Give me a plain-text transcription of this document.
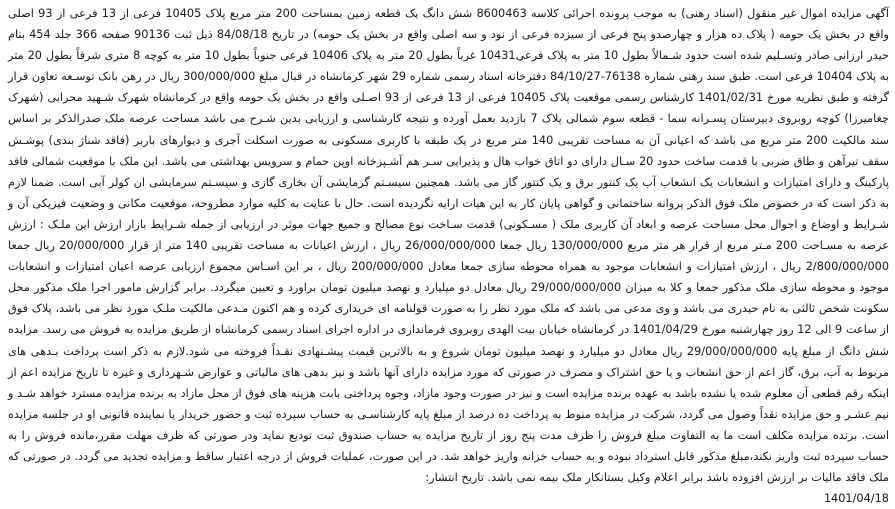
آگهی مزایده اموال غیر منقول (اسناد رهنی) به موجب پرونده اجرائی کلاسه 8600463 شش دانگ یک قطعه زمین بمساحت 200 متر مربع پلاک 10405 فرعی از 13 فرعی از 93 اصلی واقع در بخش یک حومه ( پلاک ده هزار و چهارصدو پنج فرعی از سیزده فرعی از نود و سه اصلی واقع در بخش یک حومه) در تاریخ 84/08/18 ذیل ثبت 90136 صفحه 366 جلد 454 بنام حیدر ارزانی صادر وتسـلیم شده است حدود شـمالاً بطول 10 متر به پلاک فرعی10431 غرباً بطول 20 متر به پلاک 10406 فرعی جنوباً بطول 10 متر به کوچه 8 متری شرقاً بطول 20 متر به پلاک 10404 فرعی است. طبق سند رهنی شماره 76138-84/10/27 دفترخانه اسناد رسمی شماره 29 شهر کرمانشاه در قبال مبلغ 300/000/000 ریال در رهن بانک توسـعه تعاون قرار گرفته و طبق نظریه مورخ 1401/02/31 کارشناس رسمی موقعیت پلاک 10405 فرعی از 13 فرعی از 93 اصـلی واقع در بخش یک حومه واقع در کرمانشاه شهرک شـهید محرابی (شهرک چغامیرزا) کوچه روبروی دبیرستان پسـرانه سما - قطعه سوم شمالی پلاک 7 بازدید بعمل آورده و نتیجه کارشناسی و ارزیابی بدین شـرح می باشد مساحت عرصه ملک صدرالذکر بر اساس سند مالکیت 200 متر مربع می باشد که اعیانی آن به مساحت تقریبی 140 متر مربع در یک طبقه با کاربری مسکونی به صورت اسکلت آجری و دیوارهای باربر (فاقد شناژ بندی) پوشـش سقف تیرآهن و طاق ضربی با قدمت ساخت حدود 20 سـال دارای دو اتاق خواب هال و پذیرایی سـر هم آشـپزخانه اوپن حمام و سرویس بهداشتی می باشد. این ملک با موقعیت شمالی فاقد پارکینگ و دارای امتیازات و انشعابات یک انشعاب آب یک کنتور برق و یک کنتور گاز می باشد. همچنین سیسـتم گرمایشی آن بخاری گازی و سیسـتم سرمایشی ان کولر آبی است. ضمنا لازم به ذکر است که در خصوص ملک فوق الذکر پروانه ساختمانی و گواهی پایان کار به این هیات ارایه نگردیده است. حال با عنایت به کلیه موارد مطروحه، موقعیت مکانی و وضعیت فیزیکی آن و شـرایط و اوضاع و احوال محل مساحت عرصه و ابعاد آن کاربری ملک ( مسـکونی) قدمت سـاخت نوع مصالح و جمیع جهات موثر در ارزیابی از جمله شـرایط بازار ارزش این ملـک : ارزش عرصه به مسـاحت 200 مـتر مربع از قرار هر متر مربع 130/000/000 ریال جمعا 26/000/000/000 ریال ، ارزش اعیانات به مساحت تقریبی 140 متر از قرار 20/000/000 ریال جمعا 2/800/000/000 ریال ، ارزش امتیازات و انشعابات موجود به همراه محوطه سازی جمعا معادل 200/000/000 ریال ، بر این اسـاس مجموع ارزیابی عرصه اعیان امتیازات و انشعابات موجود و محوطه سازی ملک مذکور جمعا و کلا به میزان 29/000/000/000 ریال معادل دو میلیارد و نهصد میلیون تومان براورد و تعیین میگردد. برابر گزارش مامور اجرا ملک مذکور محل سکونت شخص ثالثی به نام حیدری می باشد و وی مدعی می باشد که ملک مورد نظر را به صورت قولنامه ای خریداری کرده و هم اکنون مـدعی مالکیت ملـک مورد نظر می باشد، پلاک فوق از ساعت 9 الی 12 روز چهارشنبه مورخ 1401/04/29 در کرمانشاه خیابان بیت الهدی روبروی فرمانداری در اداره اجرای اسناد رسمی کرمانشاه از طریق مزایده به فروش می رسد. مزایده شش دانگ از مبلغ پایه 29/000/000/000 ریال معادل دو میلیارد و نهصد میلیون تومان شروع و به بالاترین قیمت پیشـنهادی نقـداً فروخته می شود.لازم به ذکر است پرداخت بـدهی های مربوط به آب، برق، گاز اعم از حق انشعاب و یا حق اشتراک و مصرف در صورتی که مورد مزایده دارای آنها باشد و نیز بدهی های مالیاتی و عوارض شـهرداری و غیره تا تاریخ مزایده اعم از اینکه رقم قطعی آن معلوم شده یا نشده باشد به عهده برنده مزایده است و نیز در صورت وجود مازاد، وجوه پرداختی بابت هزینه های فوق از محل مازاد به برنده مزایده مسترد خواهد شـد و نیم عشـر و حق مزایده نقداً وصول می گردد، شرکت در مزایده منوط به پرداخت ده درصد از مبلغ پایه کارشناسـی به حساب سپرده ثبت و حضور خریدار یا نماینده قانونی او در جلسه مزایده است. برنده مزایده مکلف است ما به التفاوت مبلغ فروش را ظرف مدت پنج روز از تاریخ مزایده به حساب صندوق ثبت تودیع نماید ودر صورتی که ظرف مهلت مقرر،مانده فروش را به حساب سپرده ثبت واریز نکند،مبلغ مذکور قابل استرداد نبوده و به حساب خزانه واریز خواهد شد. در این صورت، عملیات فروش از درجه اعتبار ساقط و مزایده تجدید می گردد. در صورتی که ملک فاقد مالیات بر ارزش افزوده باشد برابر اعلام وکیل بستانکار ملک بیمه نمی باشد. تاریخ انتشار:

1401/04/18
